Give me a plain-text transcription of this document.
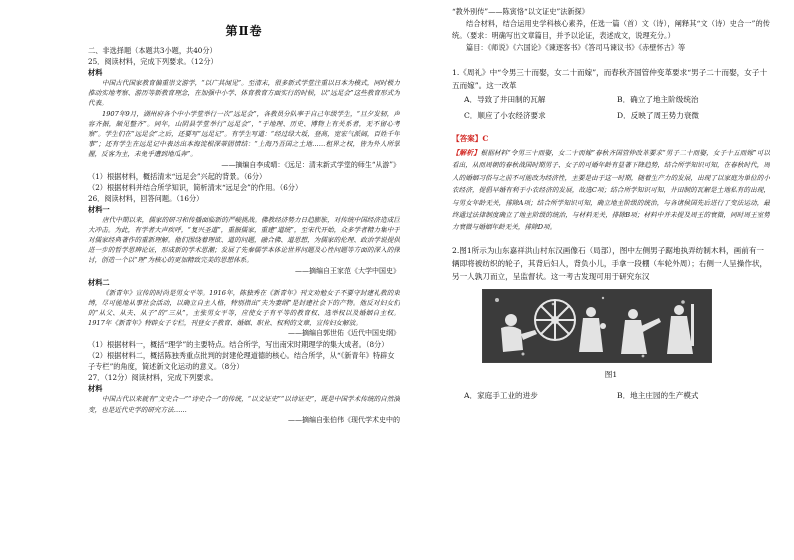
第Ⅱ卷
二、非选择题（本题共3小题，共40分）
25．阅读材料，完成下列要求。（12分）
材料

中国古代国家教育偏重崇文游学，“以广其闻见”。至清末，很多新式学堂注重以日本为模式，同时极力推动实地考察、游历等新教育理念，在加强中小学、体育教育方面实行的时候，以“远足会”这些教育形式为代表。

1907年9月，湖州府各个中小学堂举行一次“远足会”，各教员分队率于自己年级学生，“旦夕发轫，声容齐振，颇见整齐”。同年，山阴县学堂举行“远足会”，“于地理、历史、博物上有关系者，无不留心考察”。学生们在“远足会”之后，还要写“远足记”。有学生写道：“经过绿大坂，登高，宽宏气派阔，百姓千年事”；还有学生在远足记中表达出本海淀根深蒂固情结：“上海乃吾国之土地……租界之权，皆为外人所掌握，反客为主，未免乎遭到地瓜奔”。

——摘编自李成晴：《远足：清末新式学堂的师生“从游”》
（1）根据材料，概括清末“远足会”兴起的背景。（6分）
（2）根据材料并结合所学知识，简析清末“远足会”的作用。（6分）
26．阅读材料，回答问题。（16分）
材料一

唐代中期以来，儒家的研习和传播面临新的严峻挑战。佛教经济势力日趋膨胀，对传统中国经济造成巨大冲击。为此，有学者大声疾呼，“复兴圣道”，重振儒家，重建“道统”，至宋代开始，众多学者精力集中于对儒家经典著作的重新理解。他们围绕着理欲、道的问题，融合佛、道思想，为儒家的伦理、政治学说提供进一步的哲学思辨论证，形成新的学术思潮；发展了先秦儒学本体论世界问题及心性问题等方面的深入的探讨，创造一个以“理”为核心的更加精致完美的思想体系。

——摘编自王家范《大学中国史》
材料二

《新青年》宣传的时尚是男女平等。1916年，陈独秀在《新青年》刊文劝勉女子不要守封建礼教的束缚，尽可能地从事社会活动，以确立自主人格，特别指出“夫为妻纲”是封建社会下的产物。他反对妇女们的“从父、从夫、从子”的“三从”，主张男女平等，应使女子有平等的教育权、选举权以及婚姻自主权。1917年《新青年》特辟女子专栏，刊登女子教育、婚姻、职业、权利的文章，宣传妇女解放。

——摘编自郭世佑《近代中国史纲》
（1）根据材料一，概括“理学”的主要特点。结合所学，写出南宋时期理学的集大成者。（8分）
（2）根据材料二，概括陈独秀重点批判的封建伦理道德的核心。结合所学，从“《新青年》特辟女子专栏”的角度，简述新文化运动的意义。（8分）
27．（12分）阅读材料，完成下列要求。
材料

中国古代以来就有“文史合一”“诗史合一”的传统，“以文证史”“以诗证史”，既是中国学术传统的自然演变，也是近代史学的研究方法……

——摘编自张伯伟《现代学术史中的
“教外别传”——陈寅恪“以文证史”法新探》
结合材料，结合运用史学科核心素养，任选一篇（首）文（诗），阐释其“文（诗）史合一”的传统。（要求：明确写出文章篇目，并予以论证，表述成文，说理充分。）
篇目：《师说》《六国论》《谏逐客书》《答司马谏议书》《赤壁怀古》等
1.《周礼》中“令男三十而娶，女二十而嫁”，而春秋齐国管仲变革要求“男子二十而娶，女子十五而嫁”。这一改革
A．导致了井田制的瓦解	B．确立了地主阶级统治
C．顺应了小农经济要求	D．反映了周王势力衰微
【答案】C
【解析】根据材料“令男三十而娶，女二十而嫁”春秋齐国管仲改革要求“男子二十而娶，女子十五而嫁”可以看出，从而周朝的春秋战国时期男子、女子的可婚年龄有显著下降趋势，结合所学知识可知，在春秋时代，周人的婚姻习俗与之前不可能改为经济性，主要是由于这一时期，随着生产力的发展，出现了以家庭为单位的小农经济，提倡早婚有利于小农经济的发展，故选C项；结合所学知识可知，井田制的瓦解是土地私有的出现，与男女年龄无关，排除A项；结合所学知识可知，确立地主阶级的统治，与各诸侯国先后进行了变法运动，最终通过法律制度确立了地主阶级的统治，与材料无关，排除B项；材料中并未提及周王的衰微，同时周王室势力衰微与婚姻年龄无关，排除D项。
2.图1所示为山东嘉祥洪山村东汉画像石（局部），图中左侧男子踞地执弄纺制木料，画前有一辆即将被纺织的轮子，其背后妇人，背负小儿，手拿一段棚（车轮外周）；右侧一人呈操作状，另一人孰刀而立，呈监督状。这一考古发现可用于研究东汉
图1
A．家庭手工业的进步	B．地主庄园的生产模式
